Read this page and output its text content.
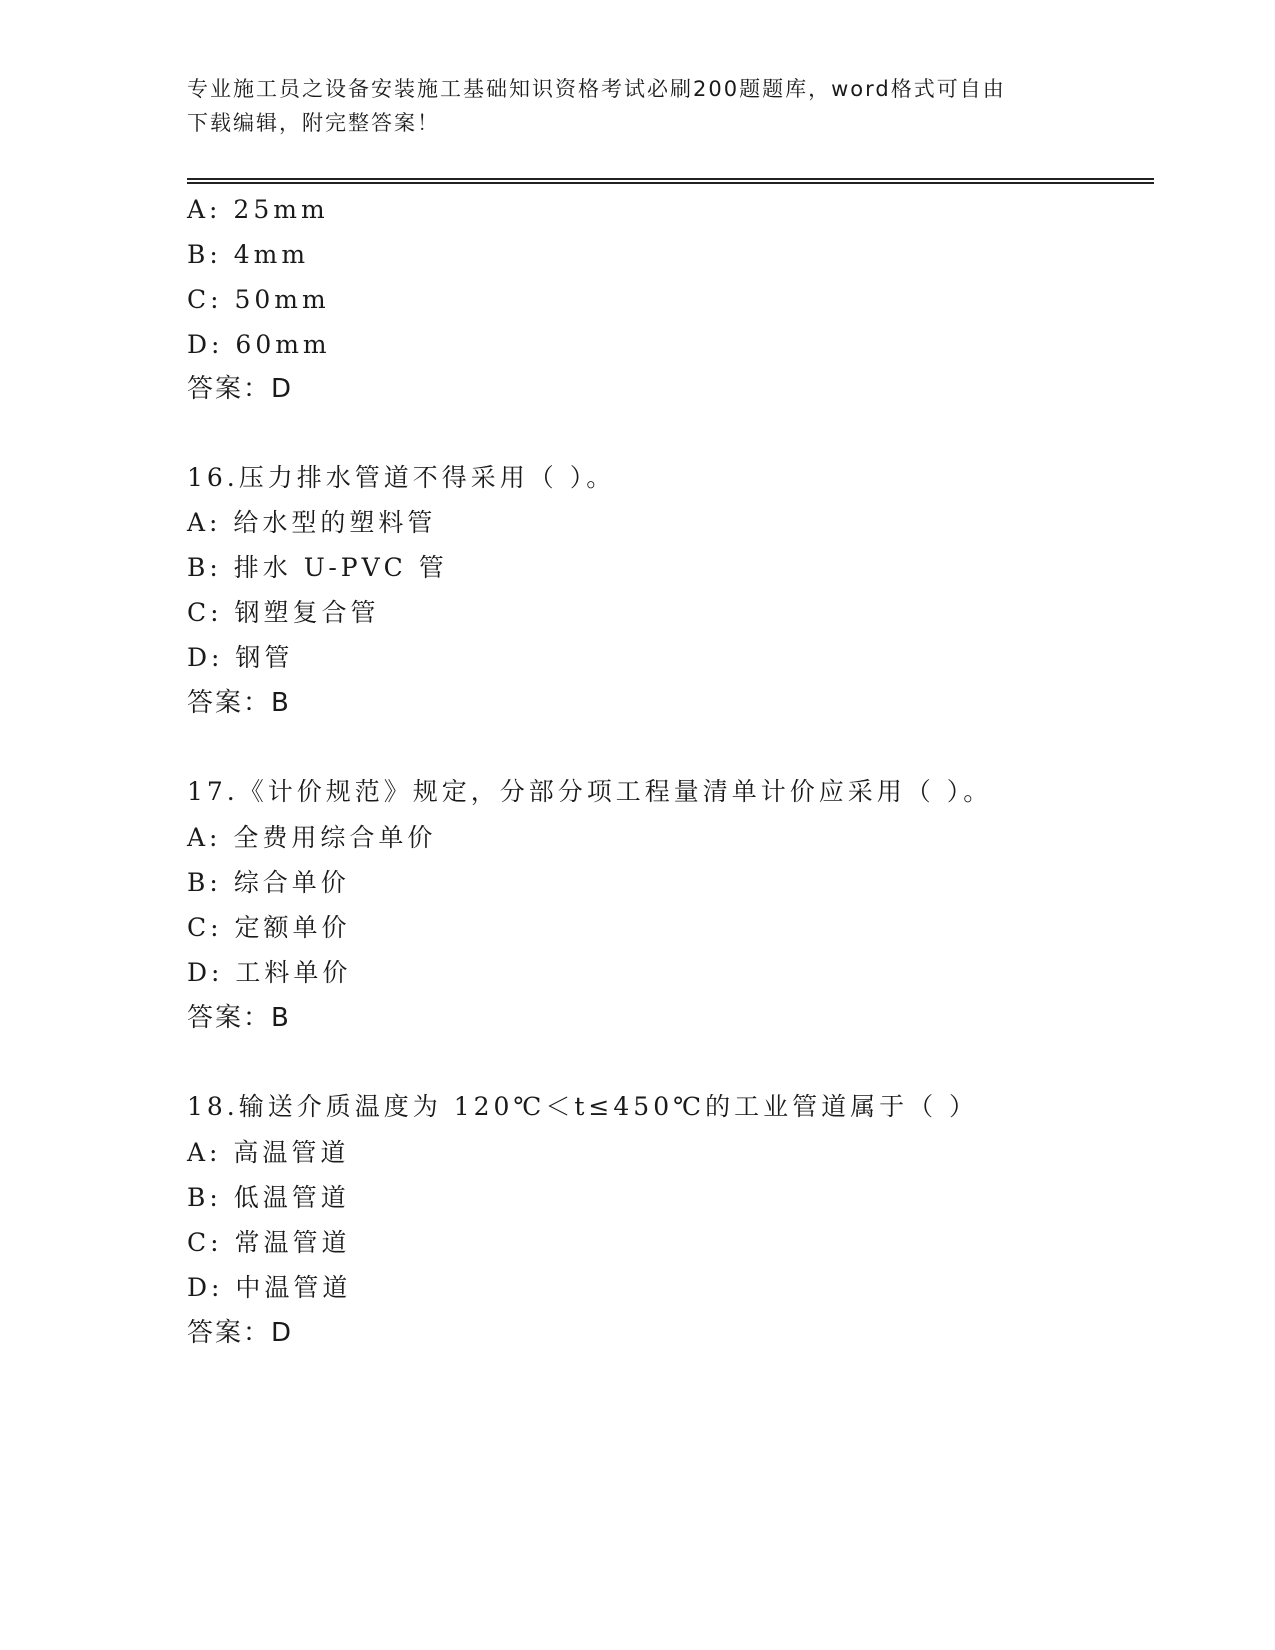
专业施工员之设备安装施工基础知识资格考试必刷200题题库，word格式可自由
下载编辑，附完整答案！
A: 25mm
B: 4mm
C: 50mm
D: 60mm
答案：D
16.压力排水管道不得采用（ ）。
A: 给水型的塑料管
B: 排水 U-PVC 管
C: 钢塑复合管
D: 钢管
答案：B
17.《计价规范》规定，分部分项工程量清单计价应采用（ ）。
A: 全费用综合单价
B: 综合单价
C: 定额单价
D: 工料单价
答案：B
18.输送介质温度为 120℃＜t≤450℃的工业管道属于（ ）
A: 高温管道
B: 低温管道
C: 常温管道
D: 中温管道
答案：D
